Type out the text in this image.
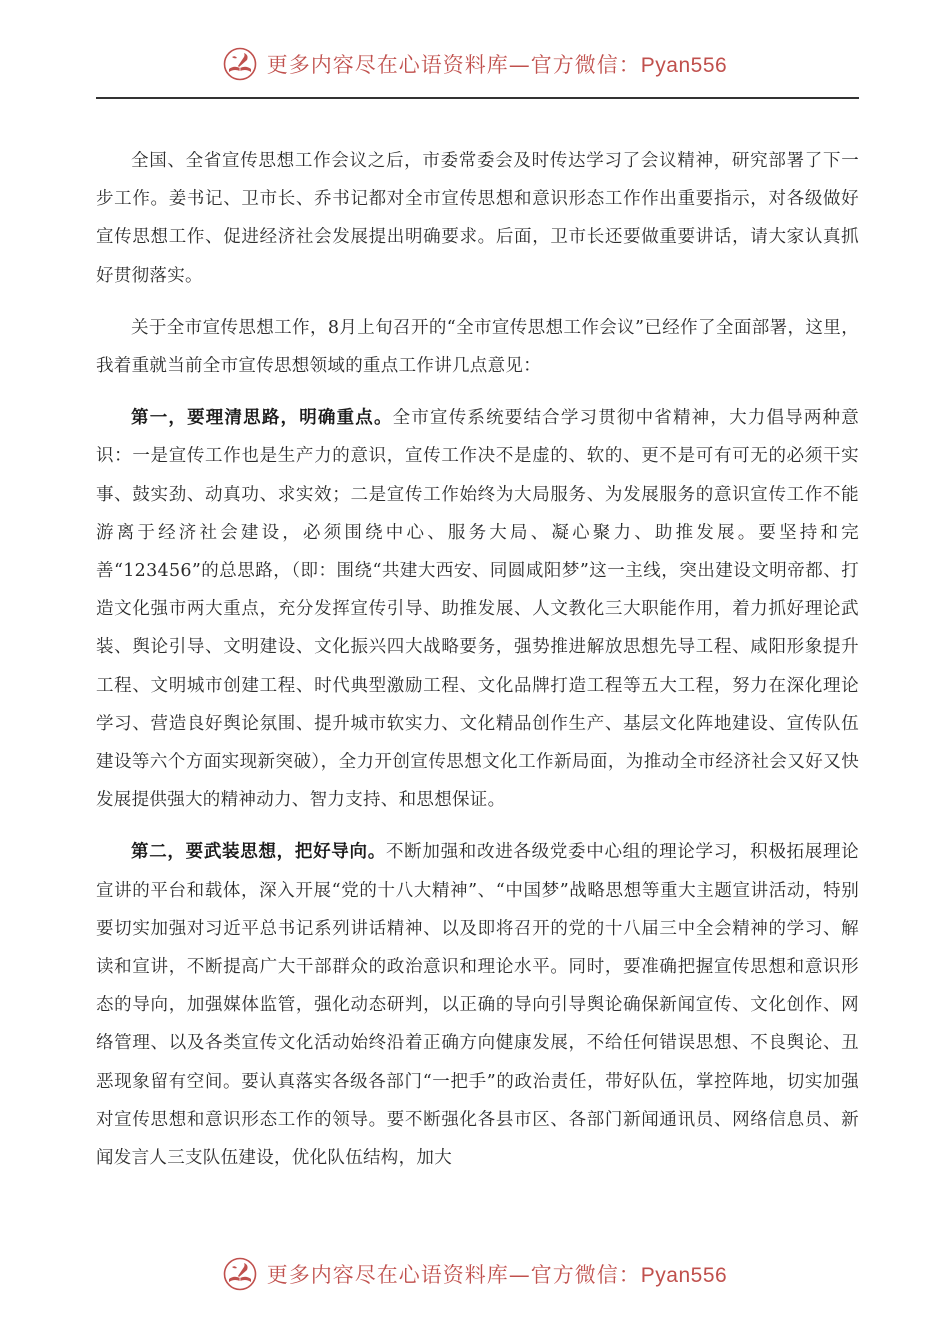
更多内容尽在心语资料库—官方微信：Pyan556

全国、全省宣传思想工作会议之后，市委常委会及时传达学习了会议精神，研究部署了下一步工作。姜书记、卫市长、乔书记都对全市宣传思想和意识形态工作作出重要指示，对各级做好宣传思想工作、促进经济社会发展提出明确要求。后面，卫市长还要做重要讲话，请大家认真抓好贯彻落实。

关于全市宣传思想工作，8月上旬召开的“全市宣传思想工作会议”已经作了全面部署，这里，我着重就当前全市宣传思想领域的重点工作讲几点意见：

第一，要理清思路，明确重点。全市宣传系统要结合学习贯彻中省精神，大力倡导两种意识：一是宣传工作也是生产力的意识，宣传工作决不是虚的、软的、更不是可有可无的必须干实事、鼓实劲、动真功、求实效；二是宣传工作始终为大局服务、为发展服务的意识宣传工作不能游离于经济社会建设，必须围绕中心、服务大局、凝心聚力、助推发展。要坚持和完善“123456”的总思路，（即：围绕“共建大西安、同圆咸阳梦”这一主线，突出建设文明帝都、打造文化强市两大重点，充分发挥宣传引导、助推发展、人文教化三大职能作用，着力抓好理论武装、舆论引导、文明建设、文化振兴四大战略要务，强势推进解放思想先导工程、咸阳形象提升工程、文明城市创建工程、时代典型激励工程、文化品牌打造工程等五大工程，努力在深化理论学习、营造良好舆论氛围、提升城市软实力、文化精品创作生产、基层文化阵地建设、宣传队伍建设等六个方面实现新突破），全力开创宣传思想文化工作新局面，为推动全市经济社会又好又快发展提供强大的精神动力、智力支持、和思想保证。

第二，要武装思想，把好导向。不断加强和改进各级党委中心组的理论学习，积极拓展理论宣讲的平台和载体，深入开展“党的十八大精神”、“中国梦”战略思想等重大主题宣讲活动，特别要切实加强对习近平总书记系列讲话精神、以及即将召开的党的十八届三中全会精神的学习、解读和宣讲，不断提高广大干部群众的政治意识和理论水平。同时，要准确把握宣传思想和意识形态的导向，加强媒体监管，强化动态研判，以正确的导向引导舆论确保新闻宣传、文化创作、网络管理、以及各类宣传文化活动始终沿着正确方向健康发展，不给任何错误思想、不良舆论、丑恶现象留有空间。要认真落实各级各部门“一把手”的政治责任，带好队伍，掌控阵地，切实加强对宣传思想和意识形态工作的领导。要不断强化各县市区、各部门新闻通讯员、网络信息员、新闻发言人三支队伍建设，优化队伍结构，加大

更多内容尽在心语资料库—官方微信：Pyan556
